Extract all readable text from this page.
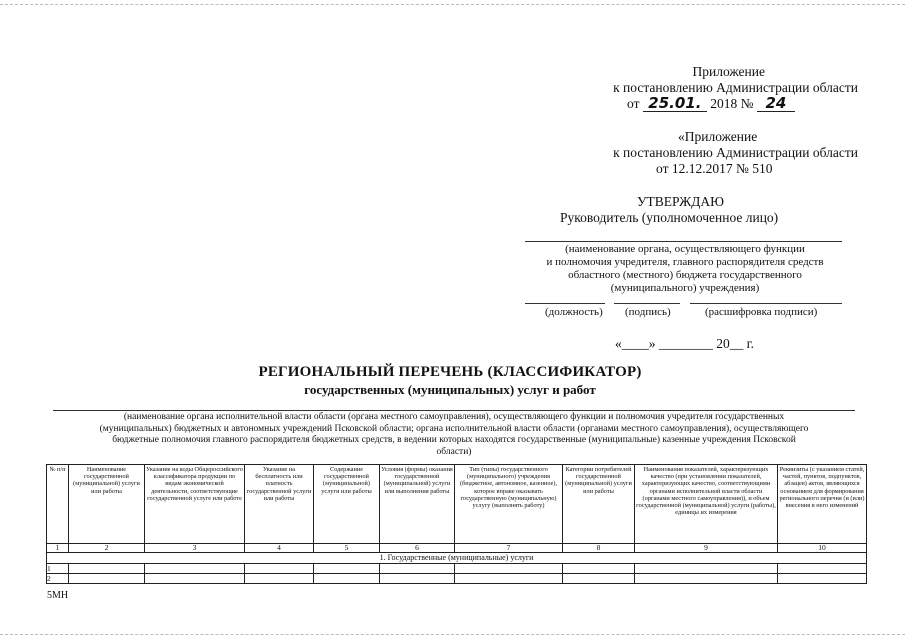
Приложение
к постановлению Администрации области
от 25.01. 2018 № 24
«Приложение
к постановлению Администрации области
от 12.12.2017 № 510
УТВЕРЖДАЮ
Руководитель (уполномоченное лицо)
(наименование органа, осуществляющего функции
и полномочия учредителя, главного распорядителя средств
областного (местного) бюджета государственного
(муниципального) учреждения)
(должность) (подпись)	(расшифровка подписи)
«____» ________ 20__ г.
РЕГИОНАЛЬНЫЙ ПЕРЕЧЕНЬ (КЛАССИФИКАТОР)
государственных (муниципальных) услуг и работ
(наименование органа исполнительной власти области (органа местного самоуправления), осуществляющего функции и полномочия учредителя государственных
(муниципальных) бюджетных и автономных учреждений Псковской области; органа исполнительной власти области (органами местного самоуправления), осуществляющего
бюджетные полномочия главного распорядителя бюджетных средств, в ведении которых находятся государственные (муниципальные) казенные учреждения Псковской
области)
№ п/п	Наименование государственной (муниципальной) услуги или работы	Указание на коды Общероссийского классификатора продукции по видам экономической деятельности, соответствующие государственной услуге или работе	Указание на бесплатность или платность государственной услуги или работы	Содержание государственной (муниципальной) услуги или работы	Условия (формы) оказания государственной (муниципальной) услуги или выполнения работы	Тип (типы) государственного (муниципального) учреждения (бюджетное, автономное, казенное), которое вправе оказывать государственную (муниципальную) услугу (выполнять работу)	Категории потребителей государственной (муниципальной) услуги или работы	Наименования показателей, характеризующих качество (при установлении показателей, характеризующих качество, соответствующими органами исполнительной власти области (органами местного самоуправления)), и объем государственной (муниципальной) услуги (работы), единицы их измерения	Реквизиты (с указанием статей, частей, пунктов, подпунктов, абзацев) актов, являющихся основанием для формирования регионального перечня (и (или) внесения в него изменений
1	2	3	4	5	6	7	8	9	10
1. Государственные (муниципальные) услуги									
1									
2									
5МН
